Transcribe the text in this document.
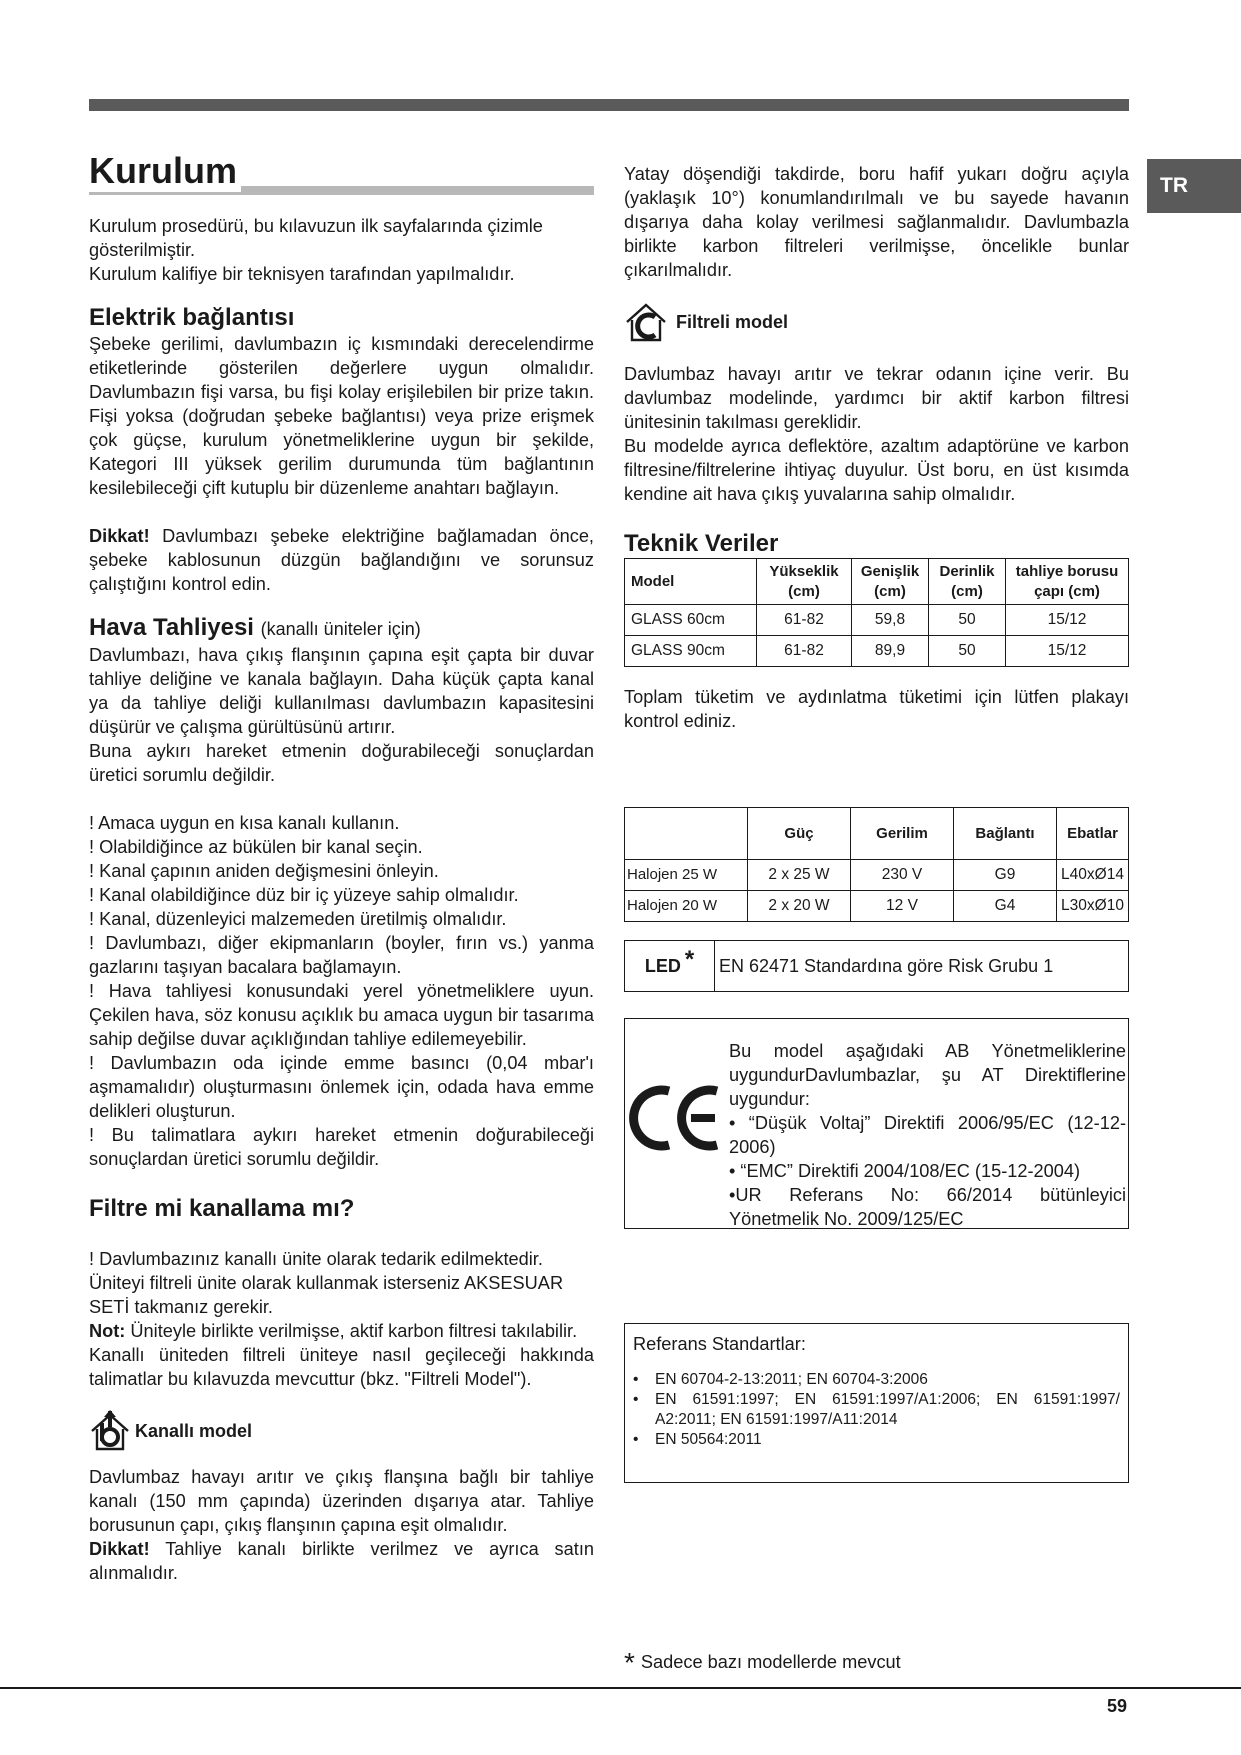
TR
Kurulum

Kurulum prosedürü, bu kılavuzun ilk sayfalarında çizimle gösterilmiştir.

Kurulum kalifiye bir teknisyen tarafından yapılmalıdır.

Elektrik bağlantısı

Şebeke gerilimi, davlumbazın iç kısmındaki derecelendirme etiketlerinde gösterilen değerlere uygun olmalıdır. Davlumbazın fişi varsa, bu fişi kolay erişilebilen bir prize takın. Fişi yoksa (doğrudan şebeke bağlantısı) veya prize erişmek çok güçse, kurulum yönetmeliklerine uygun bir şekilde, Kategori III yüksek gerilim durumunda tüm bağlantının kesilebileceği çift kutuplu bir düzenleme anahtarı bağlayın.

Dikkat! Davlumbazı şebeke elektriğine bağlamadan önce, şebeke kablosunun düzgün bağlandığını ve sorunsuz çalıştığını kontrol edin.

Hava Tahliyesi (kanallı üniteler için)

Davlumbazı, hava çıkış flanşının çapına eşit çapta bir duvar tahliye deliğine ve kanala bağlayın. Daha küçük çapta kanal ya da tahliye deliği kullanılması davlumbazın kapasitesini düşürür ve çalışma gürültüsünü artırır.

Buna aykırı hareket etmenin doğurabileceği sonuçlardan üretici sorumlu değildir.

! Amaca uygun en kısa kanalı kullanın.

! Olabildiğince az bükülen bir kanal seçin.

! Kanal çapının aniden değişmesini önleyin.

! Kanal olabildiğince düz bir iç yüzeye sahip olmalıdır.

! Kanal, düzenleyici malzemeden üretilmiş olmalıdır.

! Davlumbazı, diğer ekipmanların (boyler, fırın vs.) yanma gazlarını taşıyan bacalara bağlamayın.

! Hava tahliyesi konusundaki yerel yönetmeliklere uyun. Çekilen hava, söz konusu açıklık bu amaca uygun bir tasarıma sahip değilse duvar açıklığından tahliye edilemeyebilir.

! Davlumbazın oda içinde emme basıncı (0,04 mbar'ı aşmamalıdır) oluşturmasını önlemek için, odada hava emme delikleri oluşturun.

! Bu talimatlara aykırı hareket etmenin doğurabileceği sonuçlardan üretici sorumlu değildir.

Filtre mi kanallama mı?

! Davlumbazınız kanallı ünite olarak tedarik edilmektedir.

Üniteyi filtreli ünite olarak kullanmak isterseniz AKSESUAR SETİ takmanız gerekir.

Not: Üniteyle birlikte verilmişse, aktif karbon filtresi takılabilir.

Kanallı üniteden filtreli üniteye nasıl geçileceği hakkında talimatlar bu kılavuzda mevcuttur (bkz. "Filtreli Model").

Kanallı model

Davlumbaz havayı arıtır ve çıkış flanşına bağlı bir tahliye kanalı (150 mm çapında) üzerinden dışarıya atar. Tahliye borusunun çapı, çıkış flanşının çapına eşit olmalıdır.

Dikkat! Tahliye kanalı birlikte verilmez ve ayrıca satın alınmalıdır.

Yatay döşendiği takdirde, boru hafif yukarı doğru açıyla (yaklaşık 10°) konumlandırılmalı ve bu sayede havanın dışarıya daha kolay verilmesi sağlanmalıdır. Davlumbazla birlikte karbon filtreleri verilmişse, öncelikle bunlar çıkarılmalıdır.

Filtreli model

Davlumbaz havayı arıtır ve tekrar odanın içine verir. Bu davlumbaz modelinde, yardımcı bir aktif karbon filtresi ünitesinin takılması gereklidir.

Bu modelde ayrıca deflektöre, azaltım adaptörüne ve karbon filtresine/filtrelerine ihtiyaç duyulur. Üst boru, en üst kısımda kendine ait hava çıkış yuvalarına sahip olmalıdır.

Teknik Veriler
Model	Yükseklik (cm)	Genişlik (cm)	Derinlik (cm)	tahliye borusu çapı (cm)
GLASS 60cm	61-82	59,8	50	15/12
GLASS 90cm	61-82	89,9	50	15/12

Toplam tüketim ve aydınlatma tüketimi için lütfen plakayı kontrol ediniz.

	Güç	Gerilim	Bağlantı	Ebatlar
Halojen 25 W	2 x 25 W	230 V	G9	L40xØ14
Halojen 20 W	2 x 20 W	12 V	G4	L30xØ10
LED * EN 62471 Standardına göre Risk Grubu 1

Bu model aşağıdaki AB Yönetmeliklerine uygundurDavlumbazlar, şu AT Direktiflerine uygundur:

• “Düşük Voltaj” Direktifi 2006/95/EC (12-12-2006)

• “EMC” Direktifi 2004/108/EC (15-12-2004)

•UR Referans No: 66/2014 bütünleyici Yönetmelik No. 2009/125/EC

Referans Standartlar:
• EN 60704-2-13:2011; EN 60704-3:2006
• EN 61591:1997; EN 61591:1997/A1:2006; EN 61591:1997/ A2:2011; EN 61591:1997/A11:2014
• EN 50564:2011
* Sadece bazı modellerde mevcut
59
